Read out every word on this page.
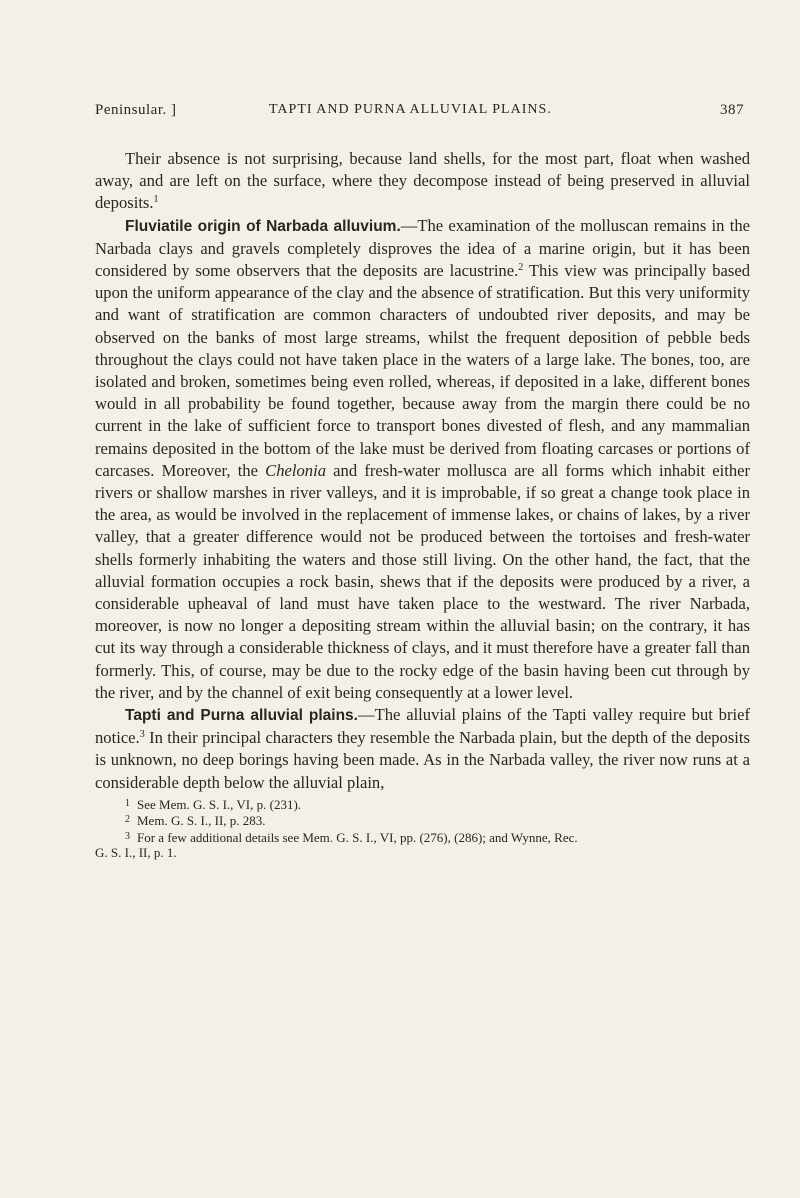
Peninsular. ]	TAPTI AND PURNA ALLUVIAL PLAINS.	387

Their absence is not surprising, because land shells, for the most part, float when washed away, and are left on the surface, where they decompose instead of being preserved in alluvial deposits.$^1$

Fluviatile origin of Narbada alluvium.—The examination of the molluscan remains in the Narbada clays and gravels completely disproves the idea of a marine origin, but it has been considered by some observers that the deposits are lacustrine.$^2$ This view was principally based upon the uniform appearance of the clay and the absence of stratification. But this very uniformity and want of stratification are common characters of undoubted river deposits, and may be observed on the banks of most large streams, whilst the frequent deposition of pebble beds throughout the clays could not have taken place in the waters of a large lake. The bones, too, are isolated and broken, sometimes being even rolled, whereas, if deposited in a lake, different bones would in all probability be found together, because away from the margin there could be no current in the lake of sufficient force to transport bones divested of flesh, and any mammalian remains deposited in the bottom of the lake must be derived from floating carcases or portions of carcases. Moreover, the Chelonia and fresh-water mollusca are all forms which inhabit either rivers or shallow marshes in river valleys, and it is improbable, if so great a change took place in the area, as would be involved in the replacement of immense lakes, or chains of lakes, by a river valley, that a greater difference would not be produced between the tortoises and fresh-water shells formerly inhabiting the waters and those still living. On the other hand, the fact, that the alluvial formation occupies a rock basin, shews that if the deposits were produced by a river, a considerable upheaval of land must have taken place to the westward. The river Narbada, moreover, is now no longer a depositing stream within the alluvial basin; on the contrary, it has cut its way through a considerable thickness of clays, and it must therefore have a greater fall than formerly. This, of course, may be due to the rocky edge of the basin having been cut through by the river, and by the channel of exit being consequently at a lower level.

Tapti and Purna alluvial plains.—The alluvial plains of the Tapti valley require but brief notice.$^3$ In their principal characters they resemble the Narbada plain, but the depth of the deposits is unknown, no deep borings having been made. As in the Narbada valley, the river now runs at a considerable depth below the alluvial plain,

1 See Mem. G. S. I., VI, p. (231).
2 Mem. G. S. I., II, p. 283.
3 For a few additional details see Mem. G. S. I., VI, pp. (276), (286); and Wynne, Rec.
G. S. I., II, p. 1.
